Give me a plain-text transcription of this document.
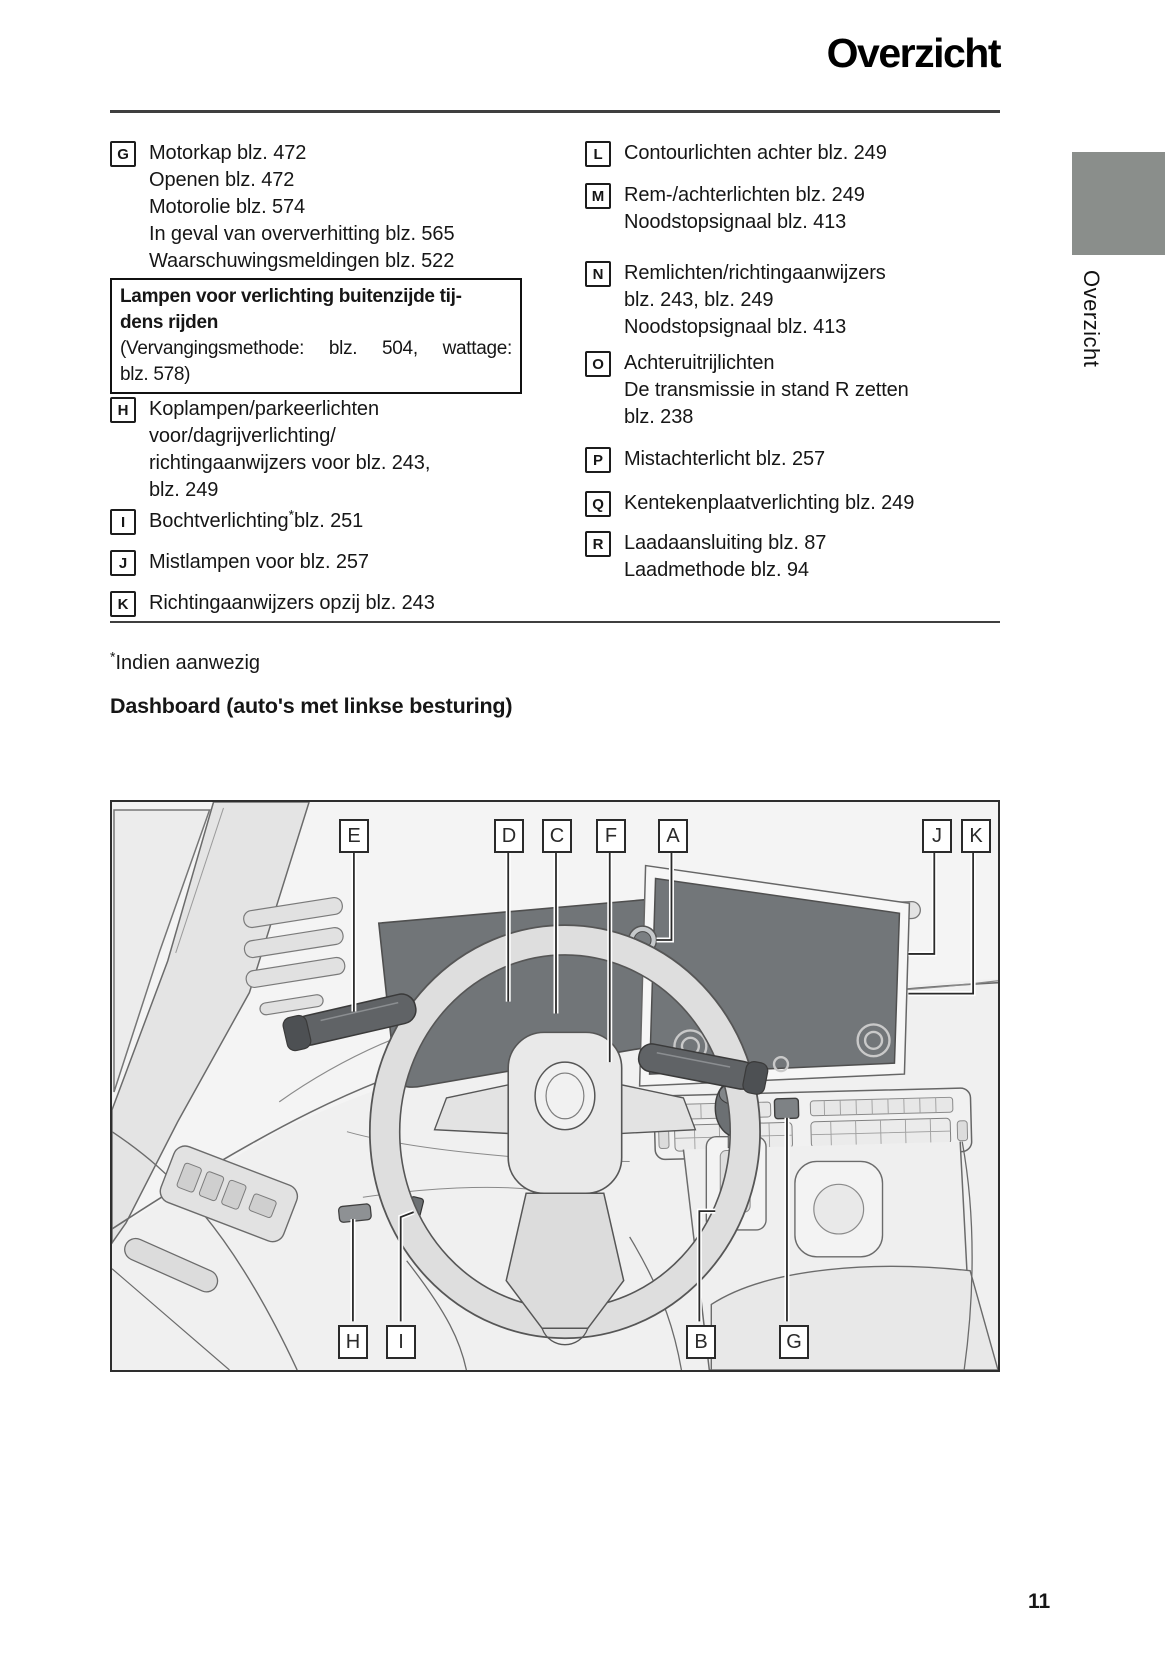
Overzicht
G	Motorkap blz. 472
Openen blz. 472
Motorolie blz. 574
In geval van oververhitting blz. 565
Waarschuwingsmeldingen blz. 522
Lampen voor verlichting buitenzijde tij-
dens rijden
(Vervangingsmethode: blz. 504, wattage:
blz. 578)
H	Koplampen/parkeerlichten
voor/dagrijverlichting/
richtingaanwijzers voor blz. 243,
blz. 249
I	Bochtverlichting*blz. 251
J	Mistlampen voor blz. 257
K	Richtingaanwijzers opzij blz. 243
L	Contourlichten achter blz. 249
M Rem-/achterlichten blz. 249
Noodstopsignaal blz. 413
N	Remlichten/richtingaanwijzers
blz. 243, blz. 249
Noodstopsignaal blz. 413
O	Achteruitrijlichten
De transmissie in stand R zetten
blz. 238
P	Mistachterlicht blz. 257
Q	Kentekenplaatverlichting blz. 249
R	Laadaansluiting blz. 87
Laadmethode blz. 94
*Indien aanwezig
Dashboard (auto's met linkse besturing)
E	D	C	F	A	J	K
H	I	B	G
Overzicht
11
